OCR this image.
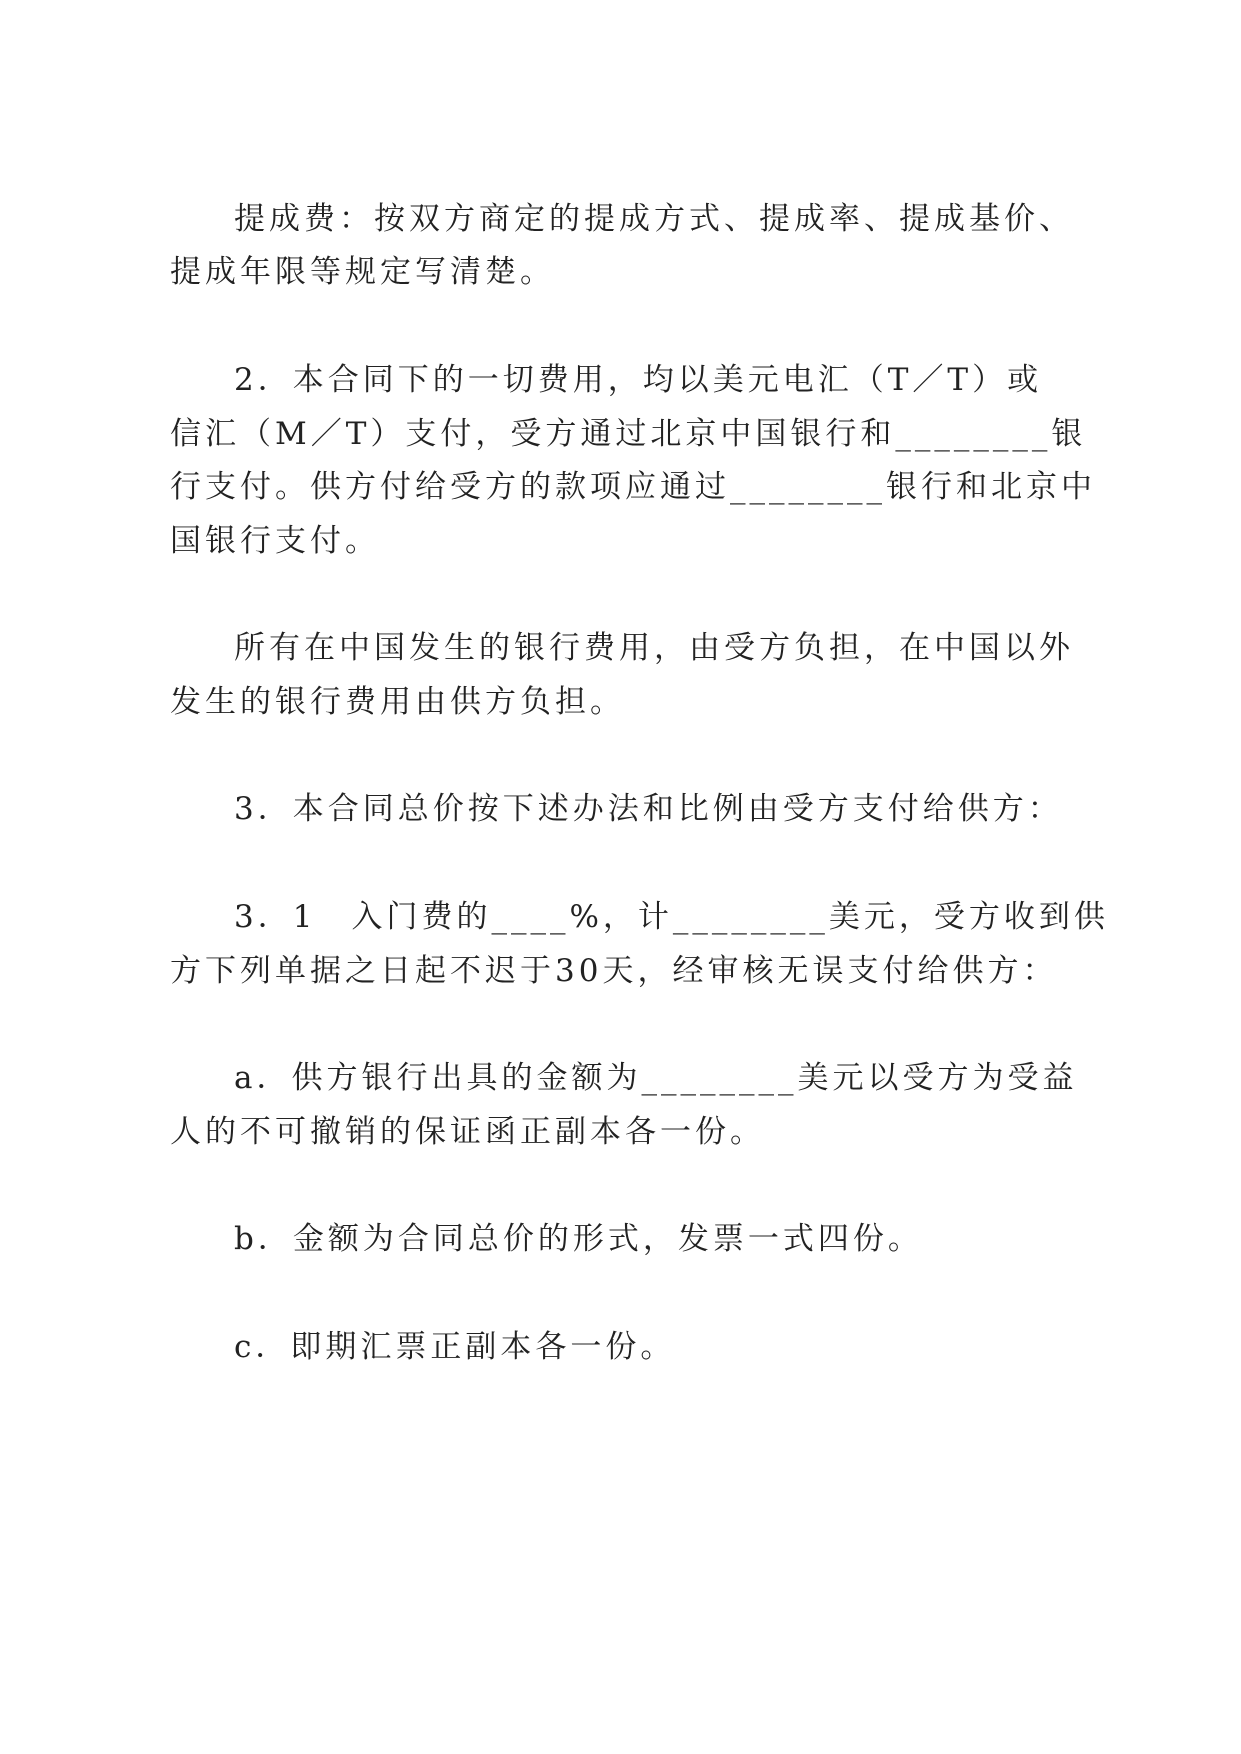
提成费：按双方商定的提成方式、提成率、提成基价、
提成年限等规定写清楚。
2．本合同下的一切费用，均以美元电汇（T／T）或
信汇（M／T）支付，受方通过北京中国银行和________银
行支付。供方付给受方的款项应通过________银行和北京中
国银行支付。
所有在中国发生的银行费用，由受方负担，在中国以外
发生的银行费用由供方负担。
3．本合同总价按下述办法和比例由受方支付给供方：
3．1　入门费的____%，计________美元，受方收到供
方下列单据之日起不迟于30天，经审核无误支付给供方：
a．供方银行出具的金额为________美元以受方为受益
人的不可撤销的保证函正副本各一份。
b．金额为合同总价的形式，发票一式四份。
c．即期汇票正副本各一份。
